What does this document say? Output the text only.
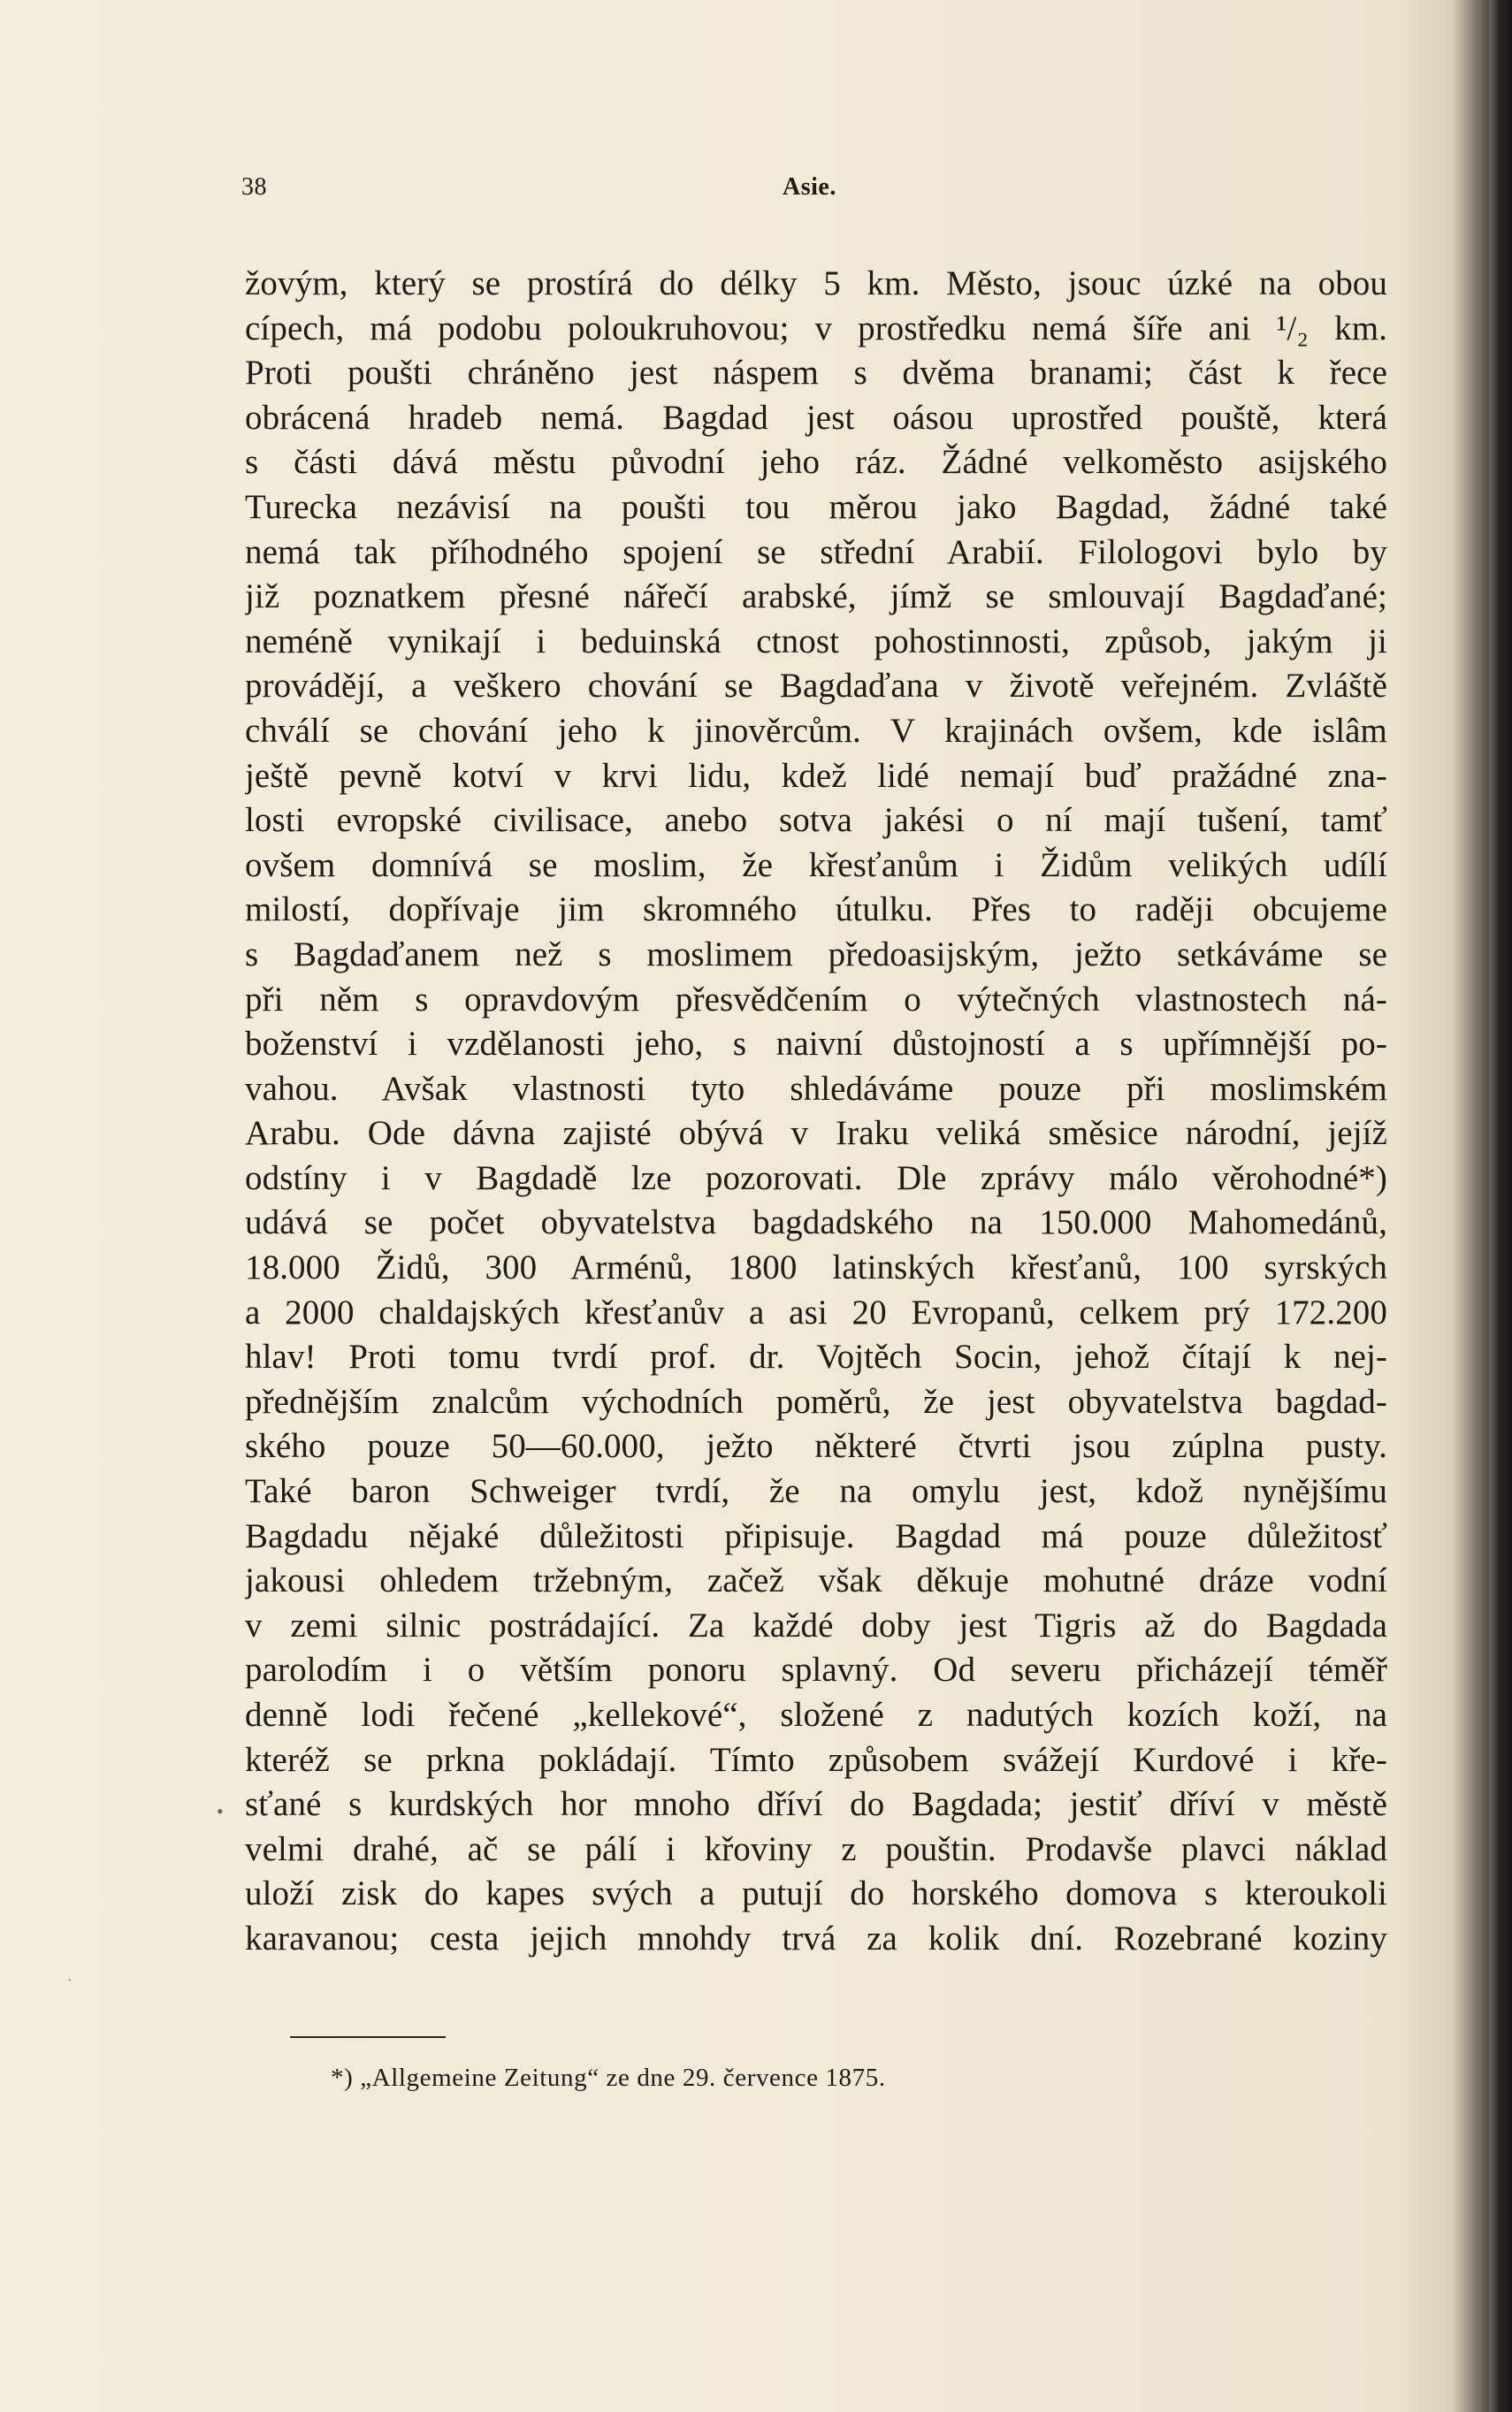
38	Asie.
žovým, který se prostírá do délky 5 km. Město, jsouc úzké na obou
cípech, má podobu poloukruhovou; v prostředku nemá šíře ani ¹/₂ km.
Proti poušti chráněno jest náspem s dvěma branami; část k řece
obrácená hradeb nemá. Bagdad jest oásou uprostřed pouště, která
s části dává městu původní jeho ráz. Žádné velkoměsto asijského
Turecka nezávisí na poušti tou měrou jako Bagdad, žádné také
nemá tak příhodného spojení se střední Arabií. Filologovi bylo by
již poznatkem přesné nářečí arabské, jímž se smlouvají Bagdaďané;
neméně vynikají i beduinská ctnost pohostinnosti, způsob, jakým ji
provádějí, a veškero chování se Bagdaďana v životě veřejném. Zvláště
chválí se chování jeho k jinověrcům. V krajinách ovšem, kde islâm
ještě pevně kotví v krvi lidu, kdež lidé nemají buď pražádné zna-
losti evropské civilisace, anebo sotva jakési o ní mají tušení, tamť
ovšem domnívá se moslim, že křesťanům i Židům velikých udílí
milostí, dopřívaje jim skromného útulku. Přes to raději obcujeme
s Bagdaďanem než s moslimem předoasijským, ježto setkáváme se
při něm s opravdovým přesvědčením o výtečných vlastnostech ná-
boženství i vzdělanosti jeho, s naivní důstojností a s upřímnější po-
vahou. Avšak vlastnosti tyto shledáváme pouze při moslimském
Arabu. Ode dávna zajisté obývá v Iraku veliká směsice národní, jejíž
odstíny i v Bagdadě lze pozorovati. Dle zprávy málo věrohodné*)
udává se počet obyvatelstva bagdadského na 150.000 Mahomedánů,
18.000 Židů, 300 Arménů, 1800 latinských křesťanů, 100 syrských
a 2000 chaldajských křesťanův a asi 20 Evropanů, celkem prý 172.200
hlav! Proti tomu tvrdí prof. dr. Vojtěch Socin, jehož čítají k nej-
přednějším znalcům východních poměrů, že jest obyvatelstva bagdad-
ského pouze 50—60.000, ježto některé čtvrti jsou zúplna pusty.
Také baron Schweiger tvrdí, že na omylu jest, kdož nynějšímu
Bagdadu nějaké důležitosti připisuje. Bagdad má pouze důležitosť
jakousi ohledem tržebným, začež však děkuje mohutné dráze vodní
v zemi silnic postrádající. Za každé doby jest Tigris až do Bagdada
parolodím i o větším ponoru splavný. Od severu přicházejí téměř
denně lodi řečené „kellekové“, složené z nadutých kozích koží, na
kteréž se prkna pokládají. Tímto způsobem svážejí Kurdové i kře-
sťané s kurdských hor mnoho dříví do Bagdada; jestiť dříví v městě
velmi drahé, ač se pálí i křoviny z pouštin. Prodavše plavci náklad
uloží zisk do kapes svých a putují do horského domova s kteroukoli
karavanou; cesta jejich mnohdy trvá za kolik dní. Rozebrané koziny
•
ˏ
*) „Allgemeine Zeitung“ ze dne 29. července 1875.
